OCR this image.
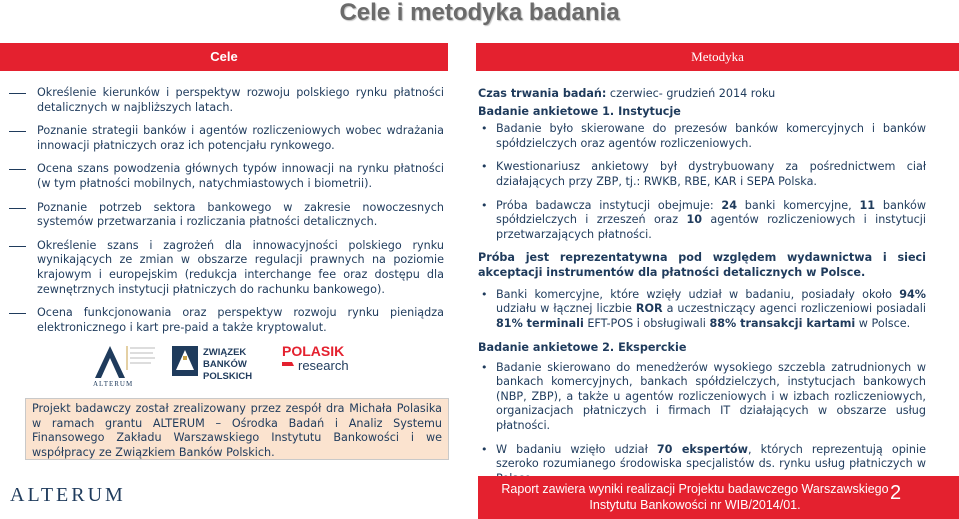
Cele i metodyka badania
Cele	Metodyka
Określenie kierunków i perspektyw rozwoju polskiego rynku płatności detalicznych w najbliższych latach.
Poznanie strategii banków i agentów rozliczeniowych wobec wdrażania innowacji płatniczych oraz ich potencjału rynkowego.
Ocena szans powodzenia głównych typów innowacji na rynku płatności (w tym płatności mobilnych, natychmiastowych i biometrii).
Poznanie potrzeb sektora bankowego w zakresie nowoczesnych systemów przetwarzania i rozliczania płatności detalicznych.
Określenie szans i zagrożeń dla innowacyjności polskiego rynku wynikających ze zmian w obszarze regulacji prawnych na poziomie krajowym i europejskim (redukcja interchange fee oraz dostępu dla zewnętrznych instytucji płatniczych do rachunku bankowego).
Ocena funkcjonowania oraz perspektyw rozwoju rynku pieniądza elektronicznego i kart pre-paid a także kryptowalut.
Czas trwania badań: czerwiec- grudzień 2014 roku
Badanie ankietowe 1. Instytucje
• Badanie było skierowane do prezesów banków komercyjnych i banków spółdzielczych oraz agentów rozliczeniowych.
• Kwestionariusz ankietowy był dystrybuowany za pośrednictwem ciał działających przy ZBP, tj.: RWKB, RBE, KAR i SEPA Polska.
• Próba badawcza instytucji obejmuje: 24 banki komercyjne, 11 banków spółdzielczych i zrzeszeń oraz 10 agentów rozliczeniowych i instytucji przetwarzających płatności.
Próba jest reprezentatywna pod względem wydawnictwa i sieci akceptacji instrumentów dla płatności detalicznych w Polsce.
• Banki komercyjne, które wzięły udział w badaniu, posiadały około 94% udziału w łącznej liczbie ROR a uczestniczący agenci rozliczeniowi posiadali 81% terminali EFT-POS i obsługiwali 88% transakcji kartami w Polsce.
Badanie ankietowe 2. Eksperckie
• Badanie skierowano do menedżerów wysokiego szczebla zatrudnionych w bankach komercyjnych, bankach spółdzielczych, instytucjach bankowych (NBP, ZBP), a także u agentów rozliczeniowych i w izbach rozliczeniowych, organizacjach płatniczych i firmach IT działających w obszarze usług płatności.
• W badaniu wzięło udział 70 ekspertów, których reprezentują opinie szeroko rozumianego środowiska specjalistów ds. rynku usług płatniczych w
ALTERUM
ZWIĄZEK
BANKÓW
POLSKICH
POLASIK
research
Projekt badawczy został zrealizowany przez zespół dra Michała Polasika w ramach grantu ALTERUM – Ośrodka Badań i Analiz Systemu Finansowego Zakładu Warszawskiego Instytutu Bankowości i we współpracy ze Związkiem Banków Polskich.
ALTERUM	Raport zawiera wyniki realizacji Projektu badawczego Warszawskiego Instytutu Bankowości nr WIB/2014/01.
2
